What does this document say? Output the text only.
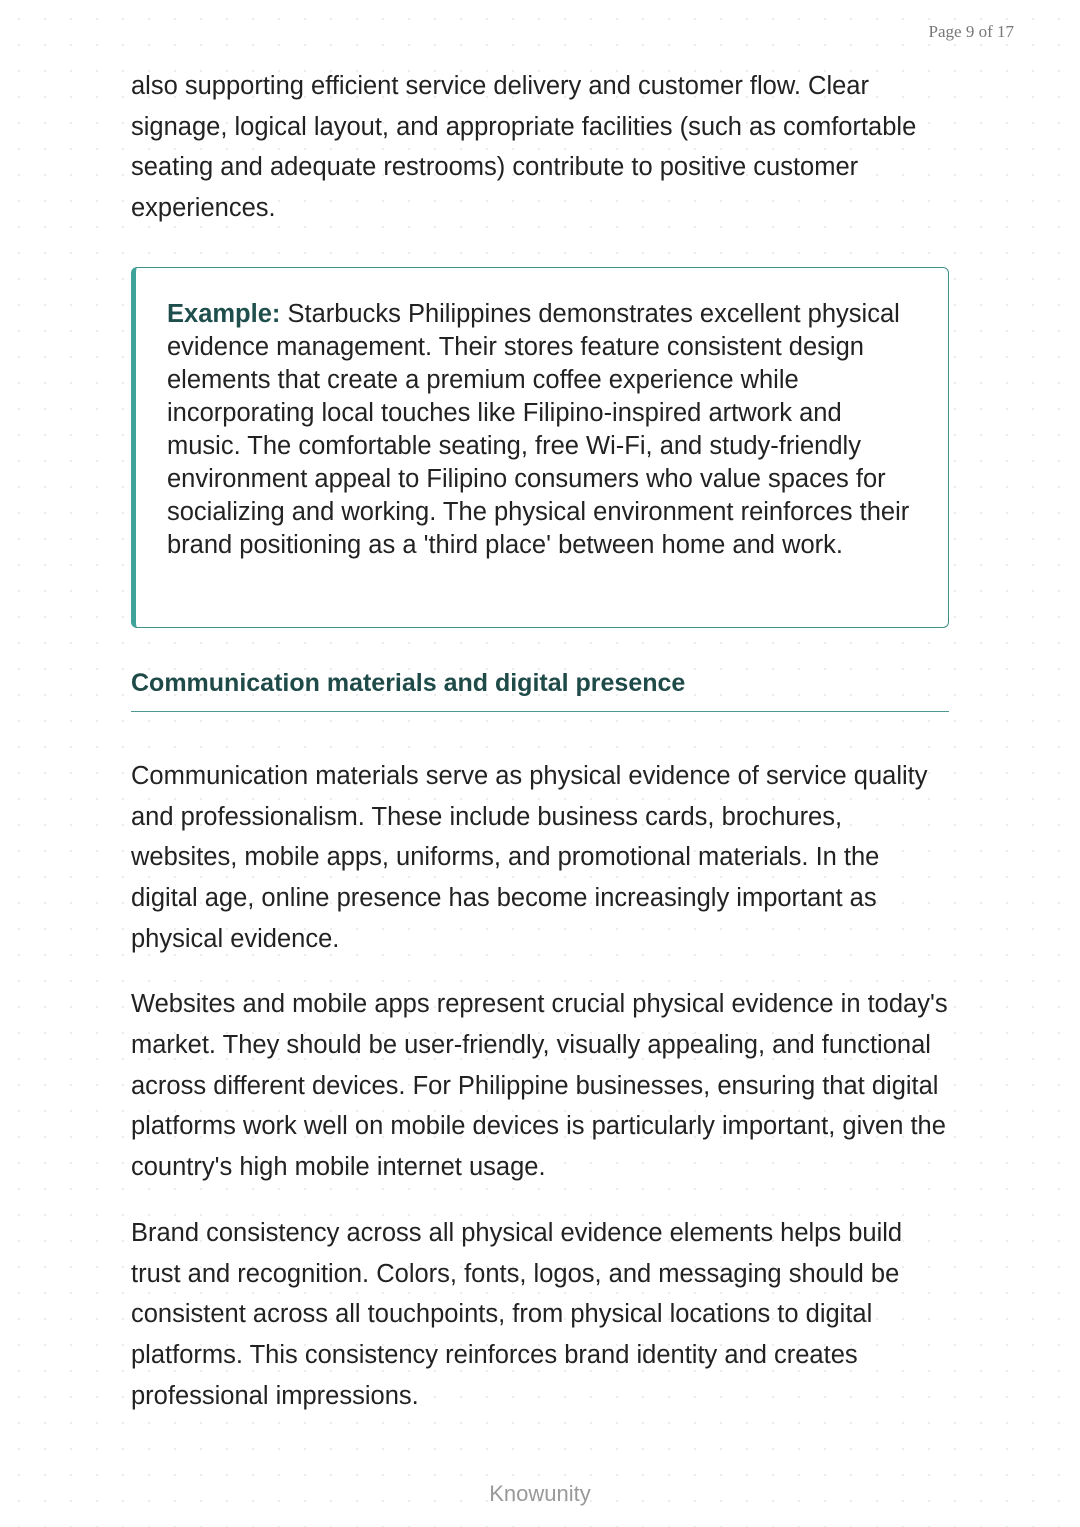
Page 9 of 17

also supporting efficient service delivery and customer flow. Clear signage, logical layout, and appropriate facilities (such as comfortable seating and adequate restrooms) contribute to positive customer experiences.

Example: Starbucks Philippines demonstrates excellent physical evidence management. Their stores feature consistent design elements that create a premium coffee experience while incorporating local touches like Filipino-inspired artwork and music. The comfortable seating, free Wi-Fi, and study-friendly environment appeal to Filipino consumers who value spaces for socializing and working. The physical environment reinforces their brand positioning as a 'third place' between home and work.

Communication materials and digital presence

Communication materials serve as physical evidence of service quality and professionalism. These include business cards, brochures, websites, mobile apps, uniforms, and promotional materials. In the digital age, online presence has become increasingly important as physical evidence.

Websites and mobile apps represent crucial physical evidence in today's market. They should be user-friendly, visually appealing, and functional across different devices. For Philippine businesses, ensuring that digital platforms work well on mobile devices is particularly important, given the country's high mobile internet usage.

Brand consistency across all physical evidence elements helps build trust and recognition. Colors, fonts, logos, and messaging should be consistent across all touchpoints, from physical locations to digital platforms. This consistency reinforces brand identity and creates professional impressions.

Knowunity
